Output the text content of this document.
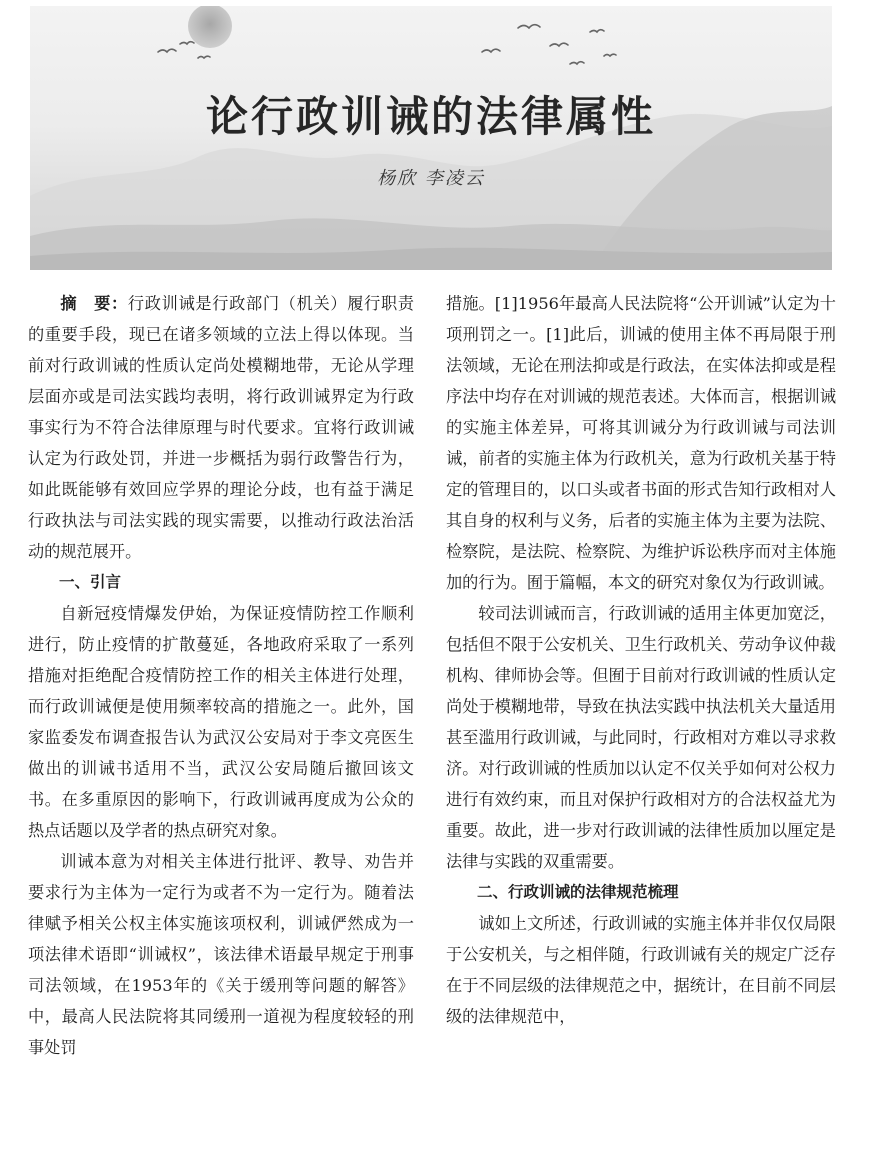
论行政训诫的法律属性
杨欣 李凌云

摘　要：行政训诫是行政部门（机关）履行职责的重要手段，现已在诸多领域的立法上得以体现。当前对行政训诫的性质认定尚处模糊地带，无论从学理层面亦或是司法实践均表明，将行政训诫界定为行政事实行为不符合法律原理与时代要求。宜将行政训诫认定为行政处罚，并进一步概括为弱行政警告行为，如此既能够有效回应学界的理论分歧，也有益于满足行政执法与司法实践的现实需要，以推动行政法治活动的规范展开。

一、引言

自新冠疫情爆发伊始，为保证疫情防控工作顺利进行，防止疫情的扩散蔓延，各地政府采取了一系列措施对拒绝配合疫情防控工作的相关主体进行处理，而行政训诫便是使用频率较高的措施之一。此外，国家监委发布调查报告认为武汉公安局对于李文亮医生做出的训诫书适用不当，武汉公安局随后撤回该文书。在多重原因的影响下，行政训诫再度成为公众的热点话题以及学者的热点研究对象。

训诫本意为对相关主体进行批评、教导、劝告并要求行为主体为一定行为或者不为一定行为。随着法律赋予相关公权主体实施该项权利，训诫俨然成为一项法律术语即“训诫权”，该法律术语最早规定于刑事司法领域，在1953年的《关于缓刑等问题的解答》中，最高人民法院将其同缓刑一道视为程度较轻的刑事处罚

措施。[1]1956年最高人民法院将“公开训诫”认定为十项刑罚之一。[1]此后，训诫的使用主体不再局限于刑法领域，无论在刑法抑或是行政法，在实体法抑或是程序法中均存在对训诫的规范表述。大体而言，根据训诫的实施主体差异，可将其训诫分为行政训诫与司法训诫，前者的实施主体为行政机关，意为行政机关基于特定的管理目的，以口头或者书面的形式告知行政相对人其自身的权利与义务，后者的实施主体为主要为法院、检察院，是法院、检察院、为维护诉讼秩序而对主体施加的行为。囿于篇幅，本文的研究对象仅为行政训诫。

较司法训诫而言，行政训诫的适用主体更加宽泛，包括但不限于公安机关、卫生行政机关、劳动争议仲裁机构、律师协会等。但囿于目前对行政训诫的性质认定尚处于模糊地带，导致在执法实践中执法机关大量适用甚至滥用行政训诫，与此同时，行政相对方难以寻求救济。对行政训诫的性质加以认定不仅关乎如何对公权力进行有效约束，而且对保护行政相对方的合法权益尤为重要。故此，进一步对行政训诫的法律性质加以厘定是法律与实践的双重需要。

二、行政训诫的法律规范梳理

诚如上文所述，行政训诫的实施主体并非仅仅局限于公安机关，与之相伴随，行政训诫有关的规定广泛存在于不同层级的法律规范之中，据统计，在目前不同层级的法律规范中，
